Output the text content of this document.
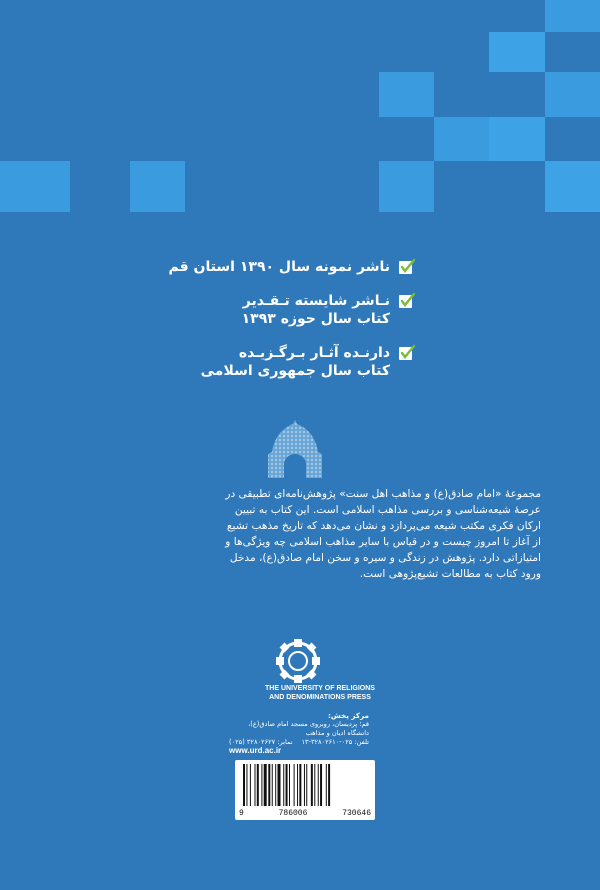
ناشر نمونه سال ۱۳۹۰ استان قم
نـاشر شایسته تـقـدیر
کتاب سال حوزه ۱۳۹۳
دارنـده آثـار بـرگـزیـده
کتاب سال جمهوری اسلامی

مجموعهٔ «امام صادق(ع) و مذاهب اهل سنت» پژوهش‌نامه‌ای تطبیقی در

عرصهٔ شیعه‌شناسی و بررسی مذاهب اسلامی است. این کتاب به تبیین

ارکان فکری مکتب شیعه می‌پردازد و نشان می‌دهد که تاریخ مذهب تشیع

از آغاز تا امروز چیست و در قیاس با سایر مذاهب اسلامی چه ویژگی‌ها و

امتیازاتی دارد. پژوهش در زندگی و سیره و سخن امام صادق(ع)، مدخل

ورود کتاب به مطالعات تشیع‌پژوهی است.

THE UNIVERSITY OF RELIGIONS
AND DENOMINATIONS PRESS
مرکز پخش:
قم؛ پردیسان، روبروی مسجد امام صادق(ع)، دانشگاه ادیان و مذاهب
تلفن: ۰۲۵-۳۲۸۰۲۶۱۰-۱۳
نمابر: ۳۲۸۰۲۶۲۷ (۰۲۵)
www.urd.ac.ir
9	786006	730646
